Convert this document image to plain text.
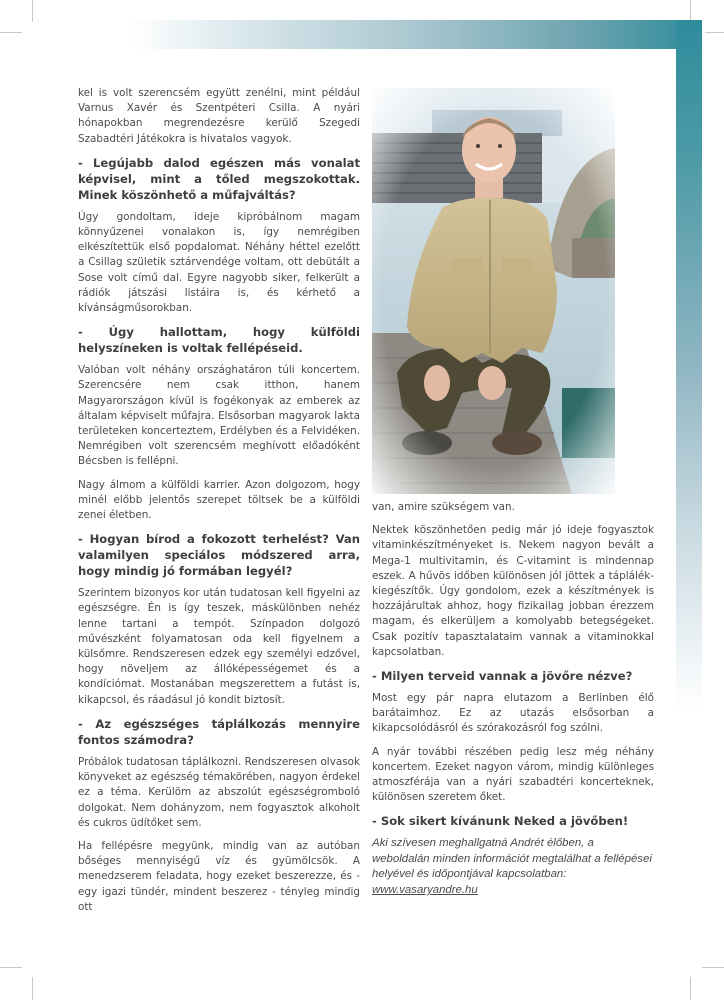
kel is volt szerencsém együtt zenélni, mint például Varnus Xavér és Szentpéteri Csilla. A nyári hónapokban megrendezésre kerülő Szegedi Szabadtéri Játékokra is hivatalos vagyok.

- Legújabb dalod egészen más vonalat képvisel, mint a tőled megszokottak. Minek köszönhető a műfajváltás?

Úgy gondoltam, ideje kipróbálnom magam könnyűzenei vonalakon is, így nemrégiben elkészítettük első popdalomat. Néhány héttel ezelőtt a Csillag születik sztárvendége voltam, ott debütált a Sose volt című dal. Egyre nagyobb siker, felkerült a rádiók játszási listáira is, és kérhető a kívánságműsorokban.

- Úgy hallottam, hogy külföldi helyszíneken is voltak fellépéseid.

Valóban volt néhány országhatáron túli koncertem. Szerencsére nem csak itthon, hanem Magyarországon kívül is fogékonyak az emberek az általam képviselt műfajra. Elsősorban magyarok lakta területeken koncerteztem, Erdélyben és a Felvidéken. Nemrégiben volt szerencsém meghívott előadóként Bécsben is fellépni.

Nagy álmom a külföldi karrier. Azon dolgozom, hogy minél előbb jelentős szerepet töltsek be a külföldi zenei életben.

- Hogyan bírod a fokozott terhelést? Van valamilyen speciálos módszered arra, hogy mindig jó formában legyél?

Szerintem bizonyos kor után tudatosan kell figyelni az egészségre. Én is így teszek, máskülönben nehéz lenne tartani a tempót. Színpadon dolgozó művészként folyamatosan oda kell figyelnem a külsőmre. Rendszeresen edzek egy személyi edzővel, hogy növeljem az állóképességemet és a kondíciómat. Mostanában megszerettem a futást is, kikapcsol, és ráadásul jó kondit biztosít.

- Az egészséges táplálkozás mennyire fontos számodra?

Próbálok tudatosan táplálkozni. Rendszeresen olvasok könyveket az egészség témakörében, nagyon érdekel ez a téma. Kerülöm az abszolút egészségromboló dolgokat. Nem dohányzom, nem fogyasztok alkoholt és cukros üdítőket sem.

Ha fellépésre megyünk, mindig van az autóban bőséges mennyiségű víz és gyümölcsök. A menedzserem feladata, hogy ezeket beszerezze, és - egy igazi tündér, mindent beszerez - tényleg mindig ott

van, amire szükségem van.

Nektek köszönhetően pedig már jó ideje fogyasztok vitaminkészítményeket is. Nekem nagyon bevált a Mega-1 multivitamin, és C-vitamint is mindennap eszek. A hűvös időben különösen jól jöttek a táplálék-kiegészítők. Úgy gondolom, ezek a készítmények is hozzájárultak ahhoz, hogy fizikailag jobban érezzem magam, és elkerüljem a komolyabb betegségeket. Csak pozitív tapasztalataim vannak a vitaminokkal kapcsolatban.

- Milyen terveid vannak a jövőre nézve?

Most egy pár napra elutazom a Berlinben élő barátaimhoz. Ez az utazás elsősorban a kikapcsolódásról és szórakozásról fog szólni.

A nyár további részében pedig lesz még néhány koncertem. Ezeket nagyon várom, mindig különleges atmoszférája van a nyári szabadtéri koncerteknek, különösen szeretem őket.

- Sok sikert kívánunk Neked a jövőben!
Aki szívesen meghallgatná Andrét élőben, a weboldalán minden információt megtalálhat a fellépései helyével és időpontjával kapcsolatban:
www.vasaryandre.hu
